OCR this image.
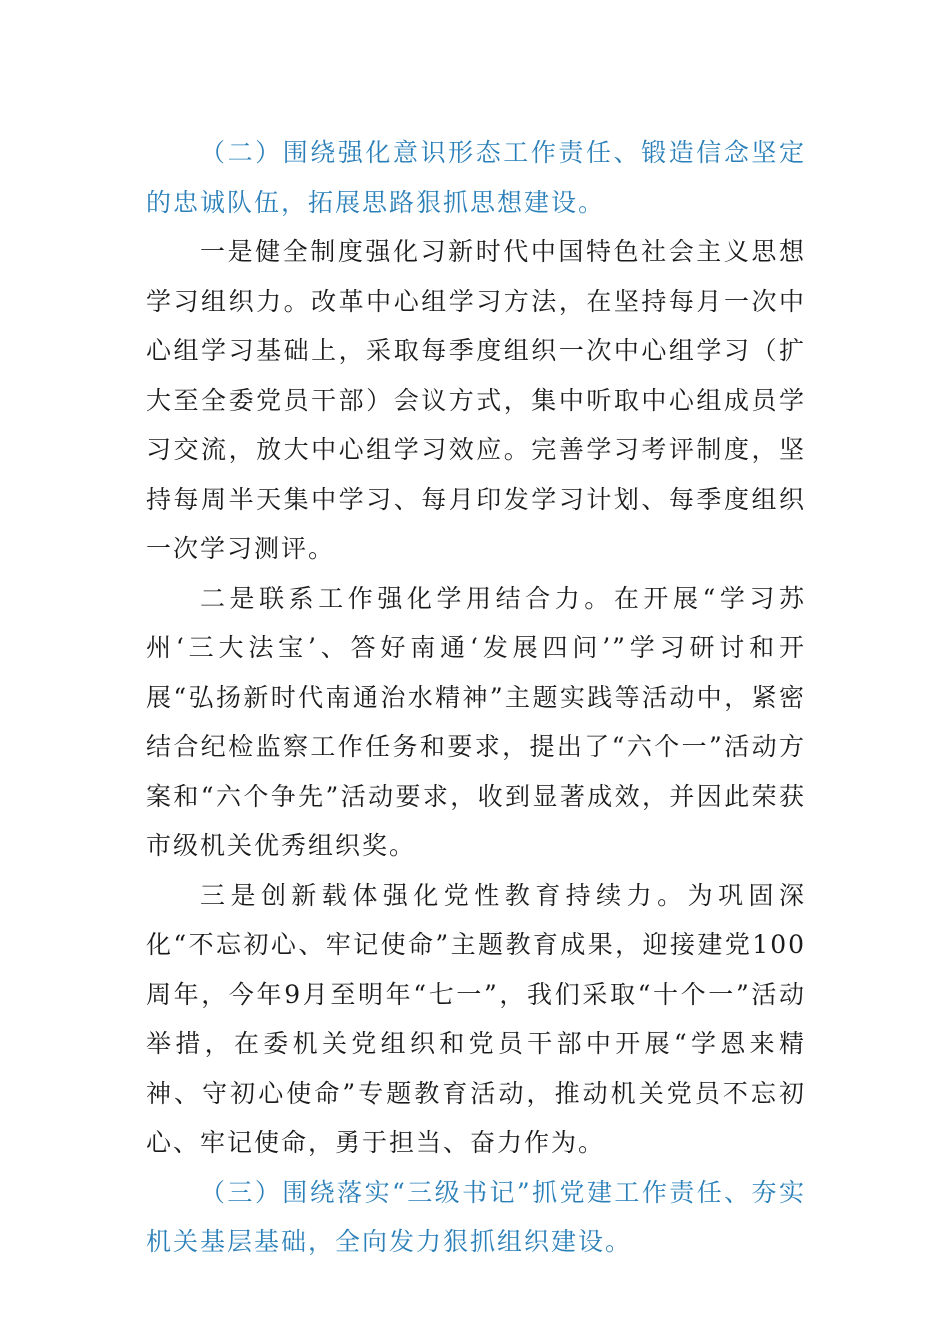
（二）围绕强化意识形态工作责任、锻造信念坚定的忠诚队伍，拓展思路狠抓思想建设。

一是健全制度强化习新时代中国特色社会主义思想学习组织力。改革中心组学习方法，在坚持每月一次中心组学习基础上，采取每季度组织一次中心组学习（扩大至全委党员干部）会议方式，集中听取中心组成员学习交流，放大中心组学习效应。完善学习考评制度，坚持每周半天集中学习、每月印发学习计划、每季度组织一次学习测评。

二是联系工作强化学用结合力。在开展“学习苏州‘三大法宝’、答好南通‘发展四问’”学习研讨和开展“弘扬新时代南通治水精神”主题实践等活动中，紧密结合纪检监察工作任务和要求，提出了“六个一”活动方案和“六个争先”活动要求，收到显著成效，并因此荣获市级机关优秀组织奖。

三是创新载体强化党性教育持续力。为巩固深化“不忘初心、牢记使命”主题教育成果，迎接建党100周年，今年9月至明年“七一”，我们采取“十个一”活动举措，在委机关党组织和党员干部中开展“学恩来精神、守初心使命”专题教育活动，推动机关党员不忘初心、牢记使命，勇于担当、奋力作为。

（三）围绕落实“三级书记”抓党建工作责任、夯实机关基层基础，全向发力狠抓组织建设。
